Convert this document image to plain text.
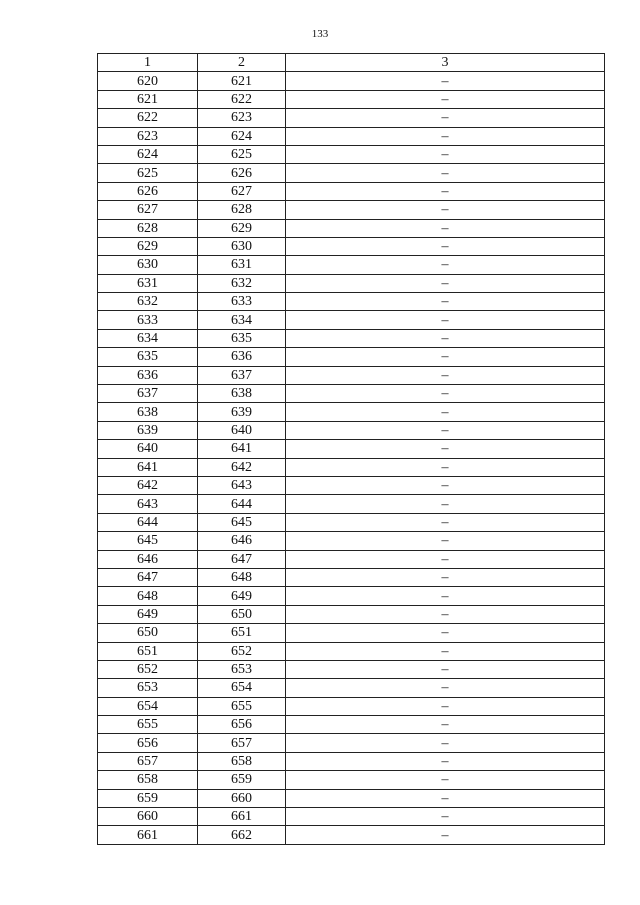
133
1	2	3
620	621	–
621	622	–
622	623	–
623	624	–
624	625	–
625	626	–
626	627	–
627	628	–
628	629	–
629	630	–
630	631	–
631	632	–
632	633	–
633	634	–
634	635	–
635	636	–
636	637	–
637	638	–
638	639	–
639	640	–
640	641	–
641	642	–
642	643	–
643	644	–
644	645	–
645	646	–
646	647	–
647	648	–
648	649	–
649	650	–
650	651	–
651	652	–
652	653	–
653	654	–
654	655	–
655	656	–
656	657	–
657	658	–
658	659	–
659	660	–
660	661	–
661	662	–
